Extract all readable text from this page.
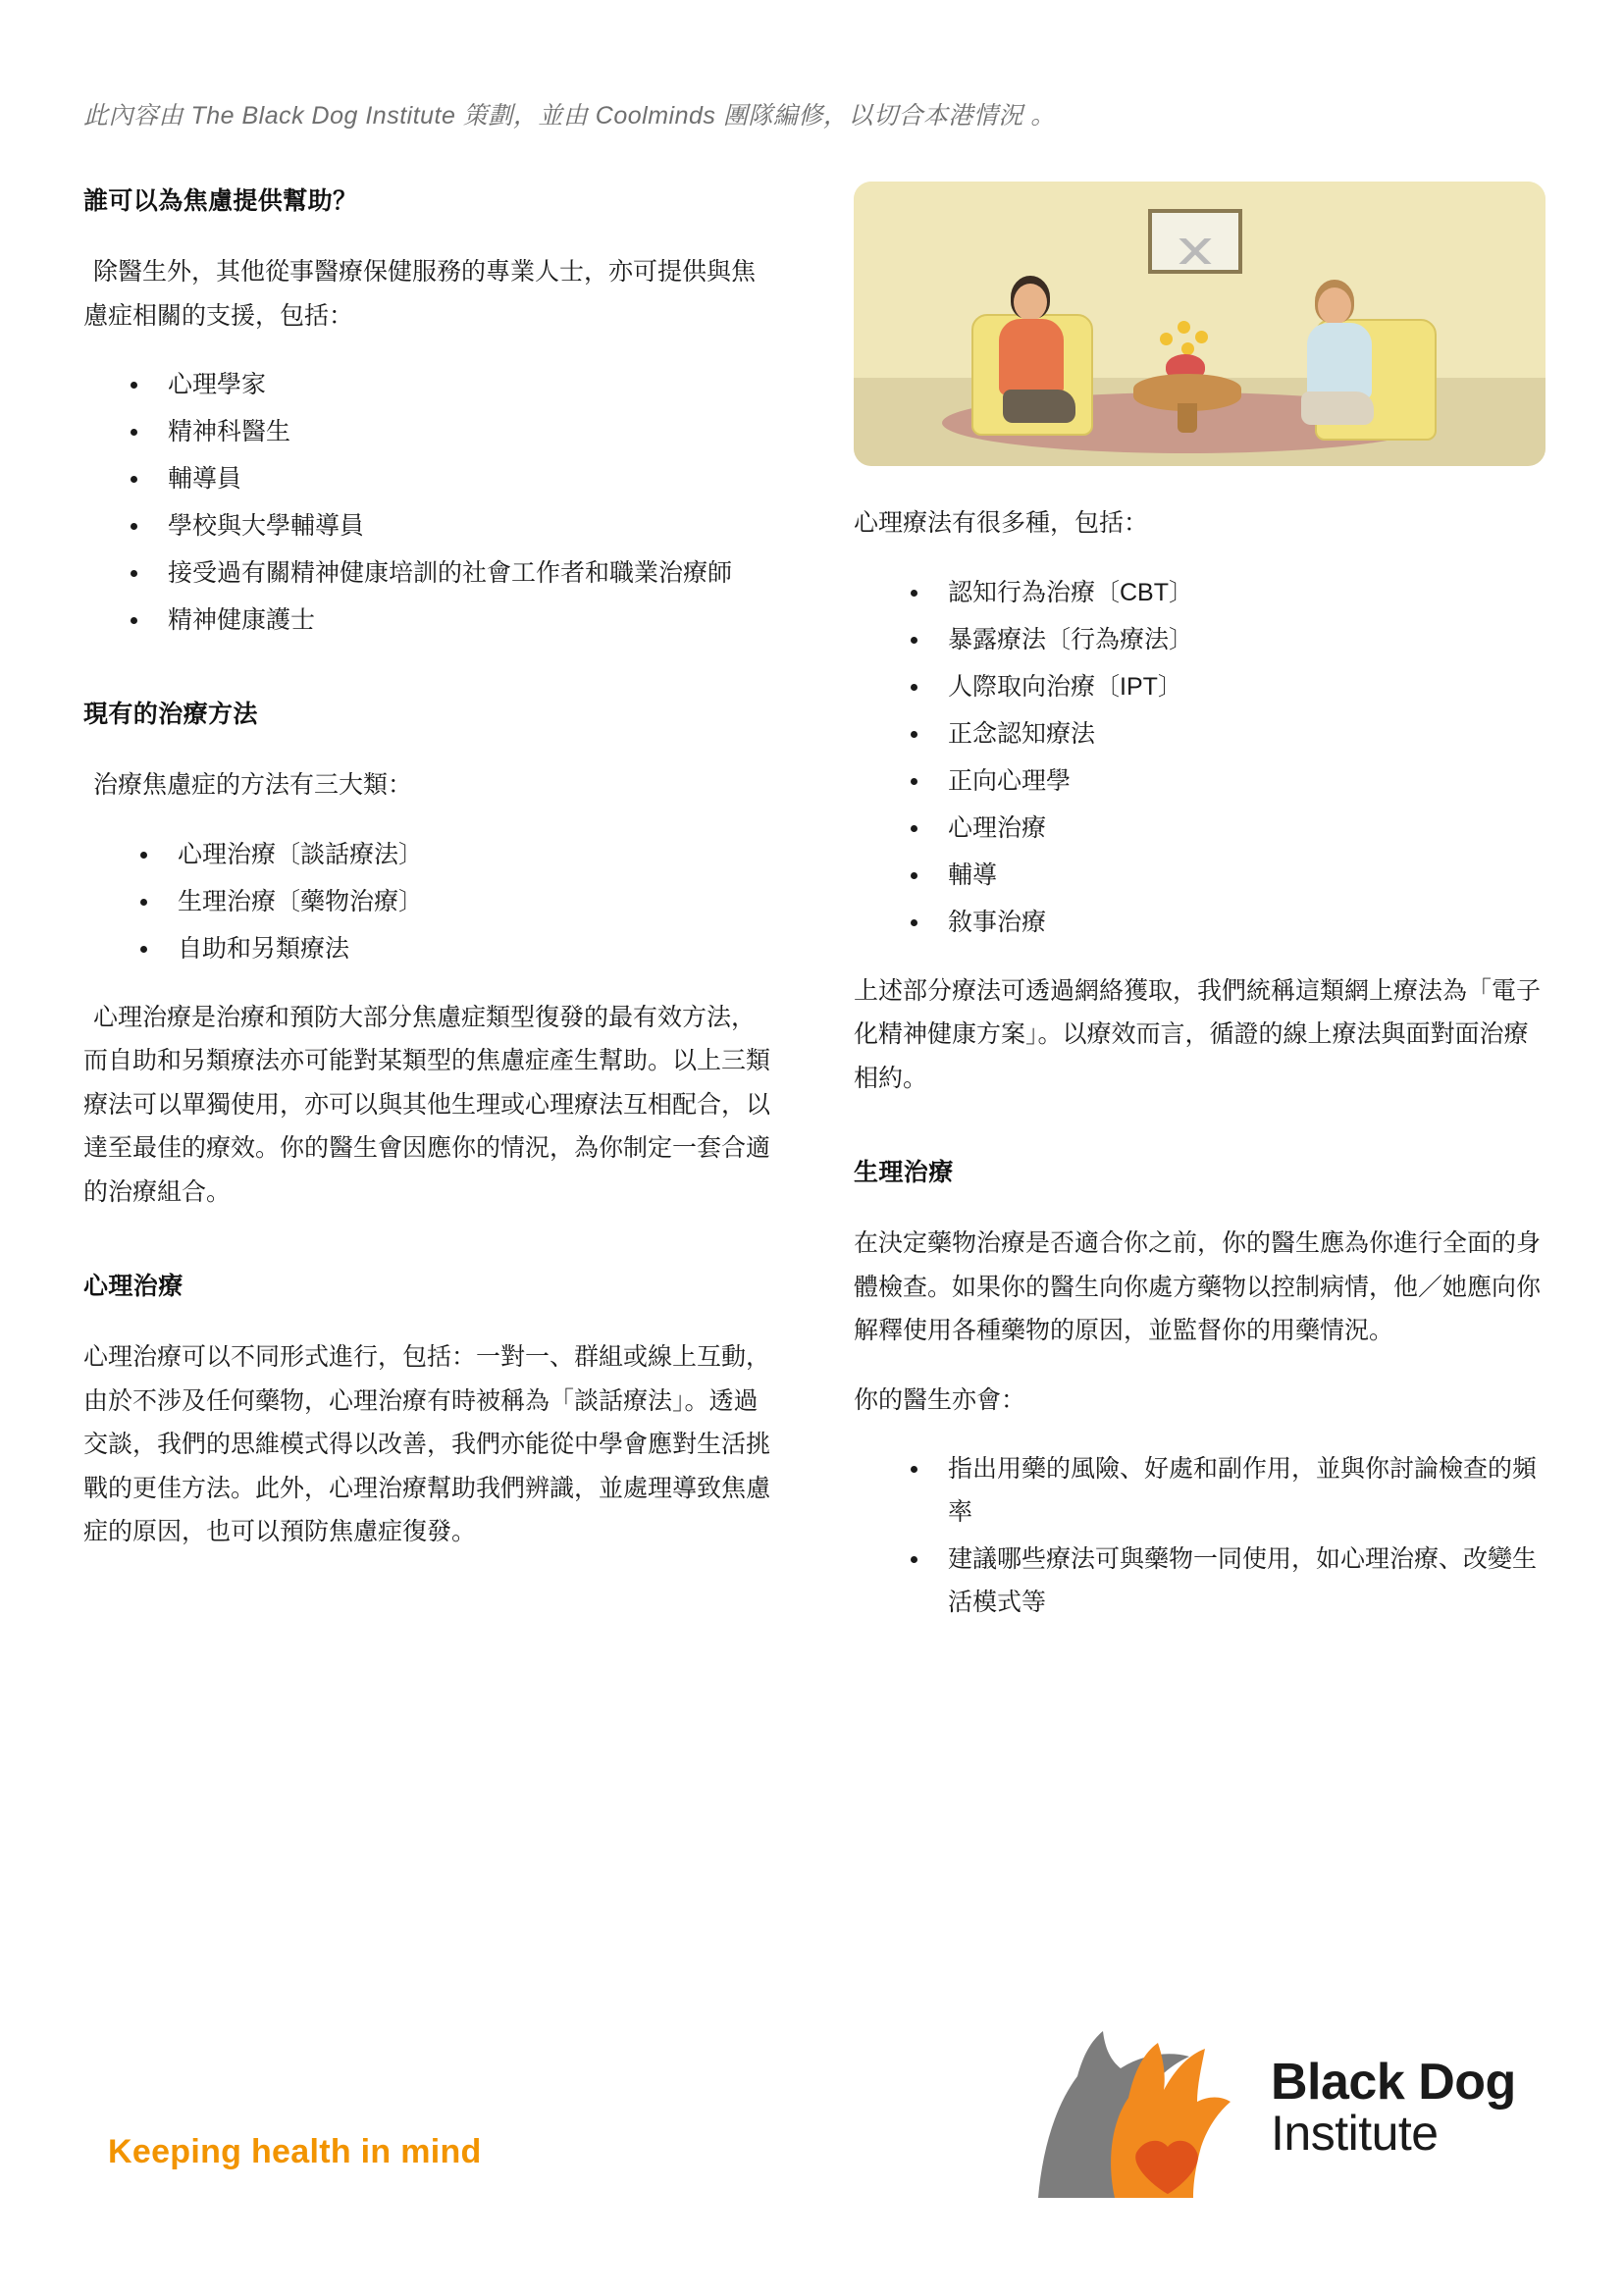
此內容由 The Black Dog Institute 策劃，並由 Coolminds 團隊編修，以切合本港情況 。
誰可以為焦慮提供幫助？

除醫生外，其他從事醫療保健服務的專業人士，亦可提供與焦慮症相關的支援，包括：

心理學家
精神科醫生
輔導員
學校與大學輔導員
接受過有關精神健康培訓的社會工作者和職業治療師
精神健康護士
現有的治療方法

治療焦慮症的方法有三大類：

心理治療〔談話療法〕
生理治療〔藥物治療〕
自助和另類療法

心理治療是治療和預防大部分焦慮症類型復發的最有效方法，而自助和另類療法亦可能對某類型的焦慮症產生幫助。以上三類療法可以單獨使用，亦可以與其他生理或心理療法互相配合，以達至最佳的療效。你的醫生會因應你的情況，為你制定一套合適的治療組合。

心理治療

心理治療可以不同形式進行，包括：一對一、群組或線上互動，由於不涉及任何藥物，心理治療有時被稱為「談話療法」。透過交談，我們的思維模式得以改善，我們亦能從中學會應對生活挑戰的更佳方法。此外，心理治療幫助我們辨識，並處理導致焦慮症的原因，也可以預防焦慮症復發。

心理療法有很多種，包括：

認知行為治療〔CBT〕
暴露療法〔行為療法〕
人際取向治療〔IPT〕
正念認知療法
正向心理學
心理治療
輔導
敘事治療

上述部分療法可透過網絡獲取，我們統稱這類網上療法為「電子化精神健康方案」。以療效而言，循證的線上療法與面對面治療相約。

生理治療

在決定藥物治療是否適合你之前，你的醫生應為你進行全面的身體檢查。如果你的醫生向你處方藥物以控制病情，他／她應向你解釋使用各種藥物的原因，並監督你的用藥情況。

你的醫生亦會：

指出用藥的風險、好處和副作用，並與你討論檢查的頻率
建議哪些療法可與藥物一同使用，如心理治療、改變生活模式等
Keeping health in mind
Black Dog
Institute
